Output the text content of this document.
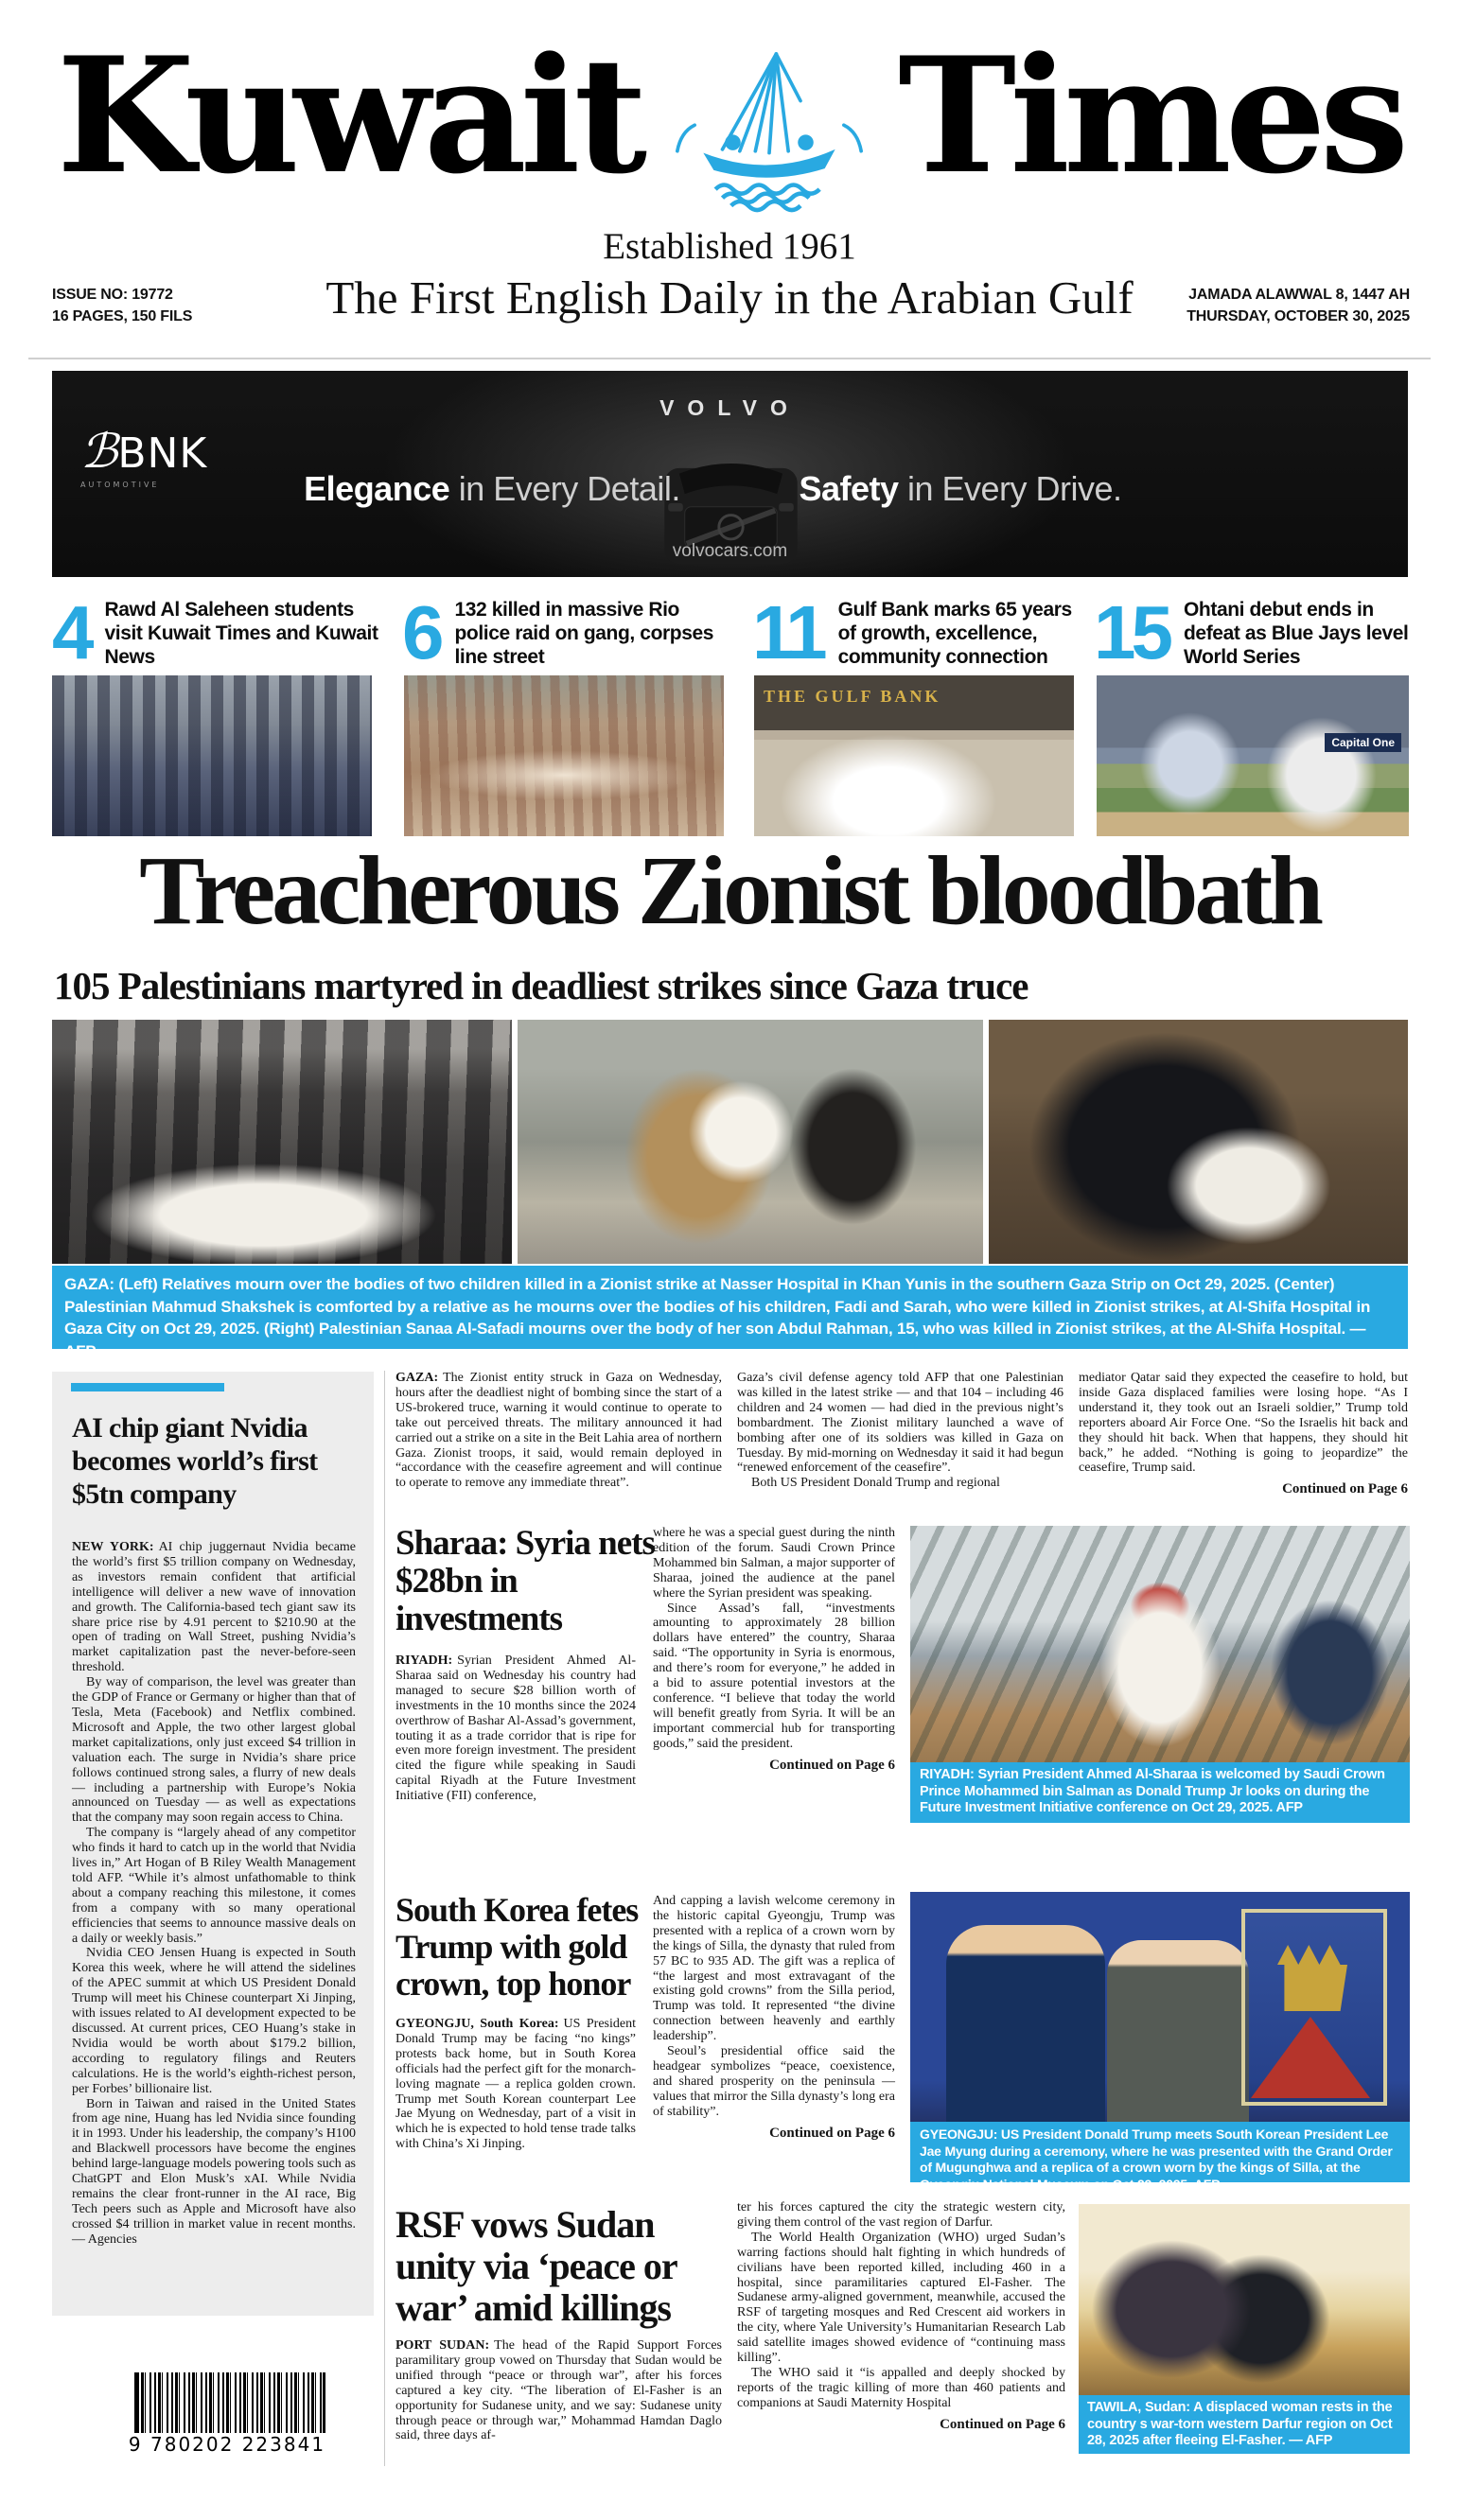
Kuwait Times
Established 1961
ISSUE NO: 19772
16 PAGES, 150 FILS	The First English Daily in the Arabian Gulf	JAMADA ALAWWAL 8, 1447 AH
THURSDAY, OCTOBER 30, 2025
ℬBNK
AUTOMOTIVE
VOLVO
Elegance in Every Detail.	Safety in Every Drive.
volvocars.com
4 Rawd Al Saleheen students visit Kuwait Times and Kuwait News	6 132 killed in massive Rio police raid on gang, corpses line street	11 Gulf Bank marks 65 years of growth, excellence, community connection 15 Ohtani debut ends in defeat as Blue Jays level World Series
THE GULF BANK
Capital One
Treacherous Zionist bloodbath
105 Palestinians martyred in deadliest strikes since Gaza truce
GAZA: (Left) Relatives mourn over the bodies of two children killed in a Zionist strike at Nasser Hospital in Khan Yunis in the southern Gaza Strip on Oct 29, 2025. (Center) Palestinian Mahmud Shakshek is comforted by a relative as he mourns over the bodies of his children, Fadi and Sarah, who were killed in Zionist strikes, at Al-Shifa Hospital in Gaza City on Oct 29, 2025. (Right) Palestinian Sanaa Al-Safadi mourns over the body of her son Abdul Rahman, 15, who was killed in Zionist strikes, at the Al-Shifa Hospital. — AFP

GAZA: The Zionist entity struck in Gaza on Wednesday, hours after the deadliest night of bombing since the start of a US-brokered truce, warning it would continue to operate to take out perceived threats. The military announced it had carried out a strike on a site in the Beit Lahia area of northern Gaza. Zionist troops, it said, would remain deployed in “accordance with the ceasefire agreement and will continue to operate to remove any immediate threat”.

Gaza’s civil defense agency told AFP that one Palestinian was killed in the latest strike — and that 104 – including 46 children and 24 women — had died in the previous night’s bombardment. The Zionist military launched a wave of bombing after one of its soldiers was killed in Gaza on Tuesday. By mid-morning on Wednesday it said it had begun “renewed enforcement of the ceasefire”.

Both US President Donald Trump and regional

mediator Qatar said they expected the ceasefire to hold, but inside Gaza displaced families were losing hope. “As I understand it, they took out an Israeli soldier,” Trump told reporters aboard Air Force One. “So the Israelis hit back and they should hit back. When that happens, they should hit back,” he added. “Nothing is going to jeopardize” the ceasefire, Trump said.

Continued on Page 6
AI chip giant Nvidia becomes world’s first $5tn company

NEW YORK: AI chip juggernaut Nvidia became the world’s first $5 trillion company on Wednesday, as investors remain confident that artificial intelligence will deliver a new wave of innovation and growth. The California-based tech giant saw its share price rise by 4.91 percent to $210.90 at the open of trading on Wall Street, pushing Nvidia’s market capitalization past the never-before-seen threshold.

By way of comparison, the level was greater than the GDP of France or Germany or higher than that of Tesla, Meta (Facebook) and Netflix combined. Microsoft and Apple, the two other largest global market capitalizations, only just exceed $4 trillion in valuation each. The surge in Nvidia’s share price follows continued strong sales, a flurry of new deals — including a partnership with Europe’s Nokia announced on Tuesday — as well as expectations that the company may soon regain access to China.

The company is “largely ahead of any competitor who finds it hard to catch up in the world that Nvidia lives in,” Art Hogan of B Riley Wealth Management told AFP. “While it’s almost unfathomable to think about a company reaching this milestone, it comes from a company with so many operational efficiencies that seems to announce massive deals on a daily or weekly basis.”

Nvidia CEO Jensen Huang is expected in South Korea this week, where he will attend the sidelines of the APEC summit at which US President Donald Trump will meet his Chinese counterpart Xi Jinping, with issues related to AI development expected to be discussed. At current prices, CEO Huang’s stake in Nvidia would be worth about $179.2 billion, according to regulatory filings and Reuters calculations. He is the world’s eighth-richest person, per Forbes’ billionaire list.

Born in Taiwan and raised in the United States from age nine, Huang has led Nvidia since founding it in 1993. Under his leadership, the company’s H100 and Blackwell processors have become the engines behind large-language models powering tools such as ChatGPT and Elon Musk’s xAI. While Nvidia remains the clear front-runner in the AI race, Big Tech peers such as Apple and Microsoft have also crossed $4 trillion in market value in recent months. — Agencies

Sharaa: Syria nets $28bn in investments

RIYADH: Syrian President Ahmed Al-Sharaa said on Wednesday his country had managed to secure $28 billion worth of investments in the 10 months since the 2024 overthrow of Bashar Al-Assad’s government, touting it as a trade corridor that is ripe for even more foreign investment. The president cited the figure while speaking in Saudi capital Riyadh at the Future Investment Initiative (FII) conference,

where he was a special guest during the ninth edition of the forum. Saudi Crown Prince Mohammed bin Salman, a major supporter of Sharaa, joined the audience at the panel where the Syrian president was speaking.

Since Assad’s fall, “investments amounting to approximately 28 billion dollars have entered” the country, Sharaa said. “The opportunity in Syria is enormous, and there’s room for everyone,” he added in a bid to assure potential investors at the conference. “I believe that today the world will benefit greatly from Syria. It will be an important commercial hub for transporting goods,” said the president.

Continued on Page 6
RIYADH: Syrian President Ahmed Al-Sharaa is welcomed by Saudi Crown Prince Mohammed bin Salman as Donald Trump Jr looks on during the Future Investment Initiative conference on Oct 29, 2025. AFP
South Korea fetes Trump with gold crown, top honor

GYEONGJU, South Korea: US President Donald Trump may be facing “no kings” protests back home, but in South Korea officials had the perfect gift for the monarch-loving magnate — a replica golden crown. Trump met South Korean counterpart Lee Jae Myung on Wednesday, part of a visit in which he is expected to hold tense trade talks with China’s Xi Jinping.

And capping a lavish welcome ceremony in the historic capital Gyeongju, Trump was presented with a replica of a crown worn by the kings of Silla, the dynasty that ruled from 57 BC to 935 AD. The gift was a replica of “the largest and most extravagant of the existing gold crowns” from the Silla period, Trump was told. It represented “the divine connection between heavenly and earthly leadership”.

Seoul’s presidential office said the headgear symbolizes “peace, coexistence, and shared prosperity on the peninsula — values that mirror the Silla dynasty’s long era of stability”.

Continued on Page 6	GYEONGJU: US President Donald Trump meets South Korean President Lee Jae Myung during a ceremony, where he was presented with the Grand Order of Mugunghwa and a replica of a crown worn by the kings of Silla, at the Gyeongju National Museum on Oct 29, 2025. AFP
RSF vows Sudan unity via ‘peace or war’ amid killings

PORT SUDAN: The head of the Rapid Support Forces paramilitary group vowed on Thursday that Sudan would be unified through “peace or through war”, after his forces captured a key city. “The liberation of El-Fasher is an opportunity for Sudanese unity, and we say: Sudanese unity through peace or through war,” Mohammad Hamdan Daglo said, three days af-

ter his forces captured the city the strategic western city, giving them control of the vast region of Darfur.

The World Health Organization (WHO) urged Sudan’s warring factions should halt fighting in which hundreds of civilians have been reported killed, including 460 in a hospital, since paramilitaries captured El-Fasher. The Sudanese army-aligned government, meanwhile, accused the RSF of targeting mosques and Red Crescent aid workers in the city, where Yale University’s Humanitarian Research Lab said satellite images showed evidence of “continuing mass killing”.

The WHO said it “is appalled and deeply shocked by reports of the tragic killing of more than 460 patients and companions at Saudi Maternity Hospital

Continued on Page 6
TAWILA, Sudan: A displaced woman rests in the country s war-torn western Darfur region on Oct 28, 2025 after fleeing El-Fasher. — AFP
9 780202 223841
